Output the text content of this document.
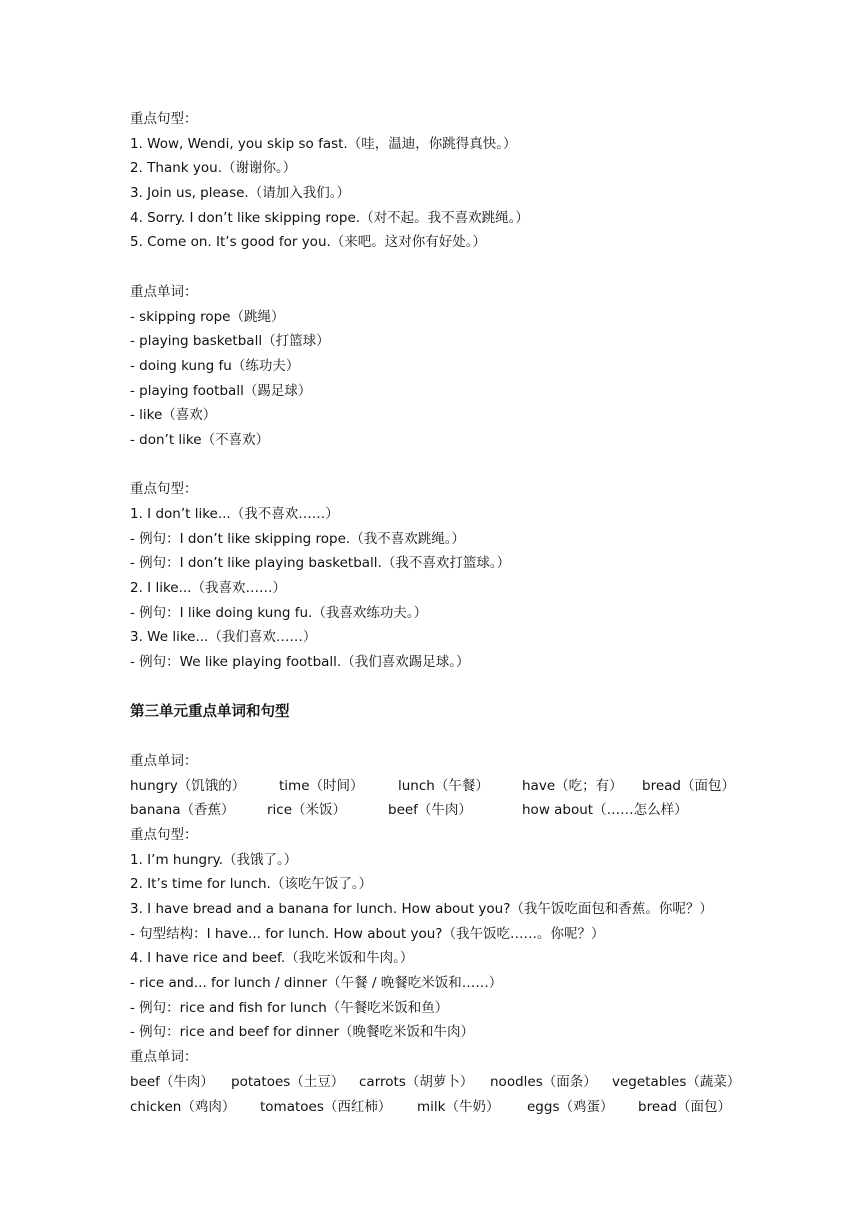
重点句型：
1. Wow, Wendi, you skip so fast.（哇，温迪，你跳得真快。）
2. Thank you.（谢谢你。）
3. Join us, please.（请加入我们。）
4. Sorry. I don’t like skipping rope.（对不起。我不喜欢跳绳。）
5. Come on. It’s good for you.（来吧。这对你有好处。）
重点单词：
- skipping rope（跳绳）
- playing basketball（打篮球）
- doing kung fu（练功夫）
- playing football（踢足球）
- like（喜欢）
- don’t like（不喜欢）
重点句型：
1. I don’t like...（我不喜欢……）
- 例句：I don’t like skipping rope.（我不喜欢跳绳。）
- 例句：I don’t like playing basketball.（我不喜欢打篮球。）
2. I like...（我喜欢……）
- 例句：I like doing kung fu.（我喜欢练功夫。）
3. We like...（我们喜欢……）
- 例句：We like playing football.（我们喜欢踢足球。）
第三单元重点单词和句型
重点单词：
hungry（饥饿的）	time（时间）	lunch（午餐）	have（吃；有）	bread（面包）
banana（香蕉）	rice（米饭）	beef（牛肉）	how about（……怎么样）
重点句型：
1. I’m hungry.（我饿了。）
2. It’s time for lunch.（该吃午饭了。）
3. I have bread and a banana for lunch. How about you?（我午饭吃面包和香蕉。你呢？）
- 句型结构：I have... for lunch. How about you?（我午饭吃……。你呢？）
4. I have rice and beef.（我吃米饭和牛肉。）
- rice and... for lunch / dinner（午餐 / 晚餐吃米饭和……）
- 例句：rice and fish for lunch（午餐吃米饭和鱼）
- 例句：rice and beef for dinner（晚餐吃米饭和牛肉）
重点单词：
beef（牛肉）	potatoes（土豆）	carrots（胡萝卜）	noodles（面条）	vegetables（蔬菜）
chicken（鸡肉）	tomatoes（西红柿）	milk（牛奶）	eggs（鸡蛋）	bread（面包）
